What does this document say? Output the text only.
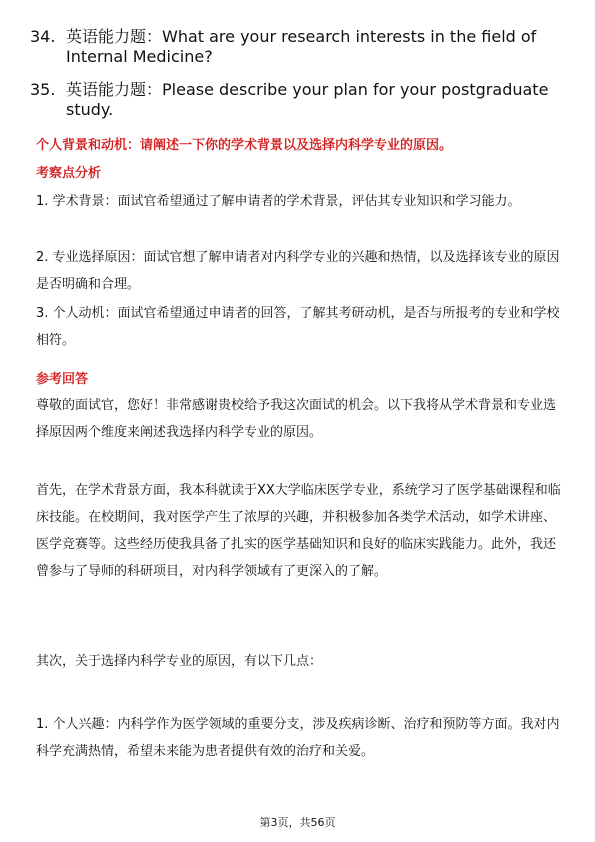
34. 英语能力题：What are your research interests in the field of
Internal Medicine?
35. 英语能力题：Please describe your plan for your postgraduate
study.
个人背景和动机：请阐述一下你的学术背景以及选择内科学专业的原因。
考察点分析
1. 学术背景：面试官希望通过了解申请者的学术背景，评估其专业知识和学习能力。
2. 专业选择原因：面试官想了解申请者对内科学专业的兴趣和热情，以及选择该专业的原因是否明确和合理。
3. 个人动机：面试官希望通过申请者的回答，了解其考研动机，是否与所报考的专业和学校相符。
参考回答
尊敬的面试官，您好！非常感谢贵校给予我这次面试的机会。以下我将从学术背景和专业选择原因两个维度来阐述我选择内科学专业的原因。
首先，在学术背景方面，我本科就读于XX大学临床医学专业，系统学习了医学基础课程和临床技能。在校期间，我对医学产生了浓厚的兴趣，并积极参加各类学术活动，如学术讲座、医学竞赛等。这些经历使我具备了扎实的医学基础知识和良好的临床实践能力。此外，我还曾参与了导师的科研项目，对内科学领域有了更深入的了解。
其次，关于选择内科学专业的原因，有以下几点：
1. 个人兴趣：内科学作为医学领域的重要分支，涉及疾病诊断、治疗和预防等方面。我对内科学充满热情，希望未来能为患者提供有效的治疗和关爱。
第3页，共56页
